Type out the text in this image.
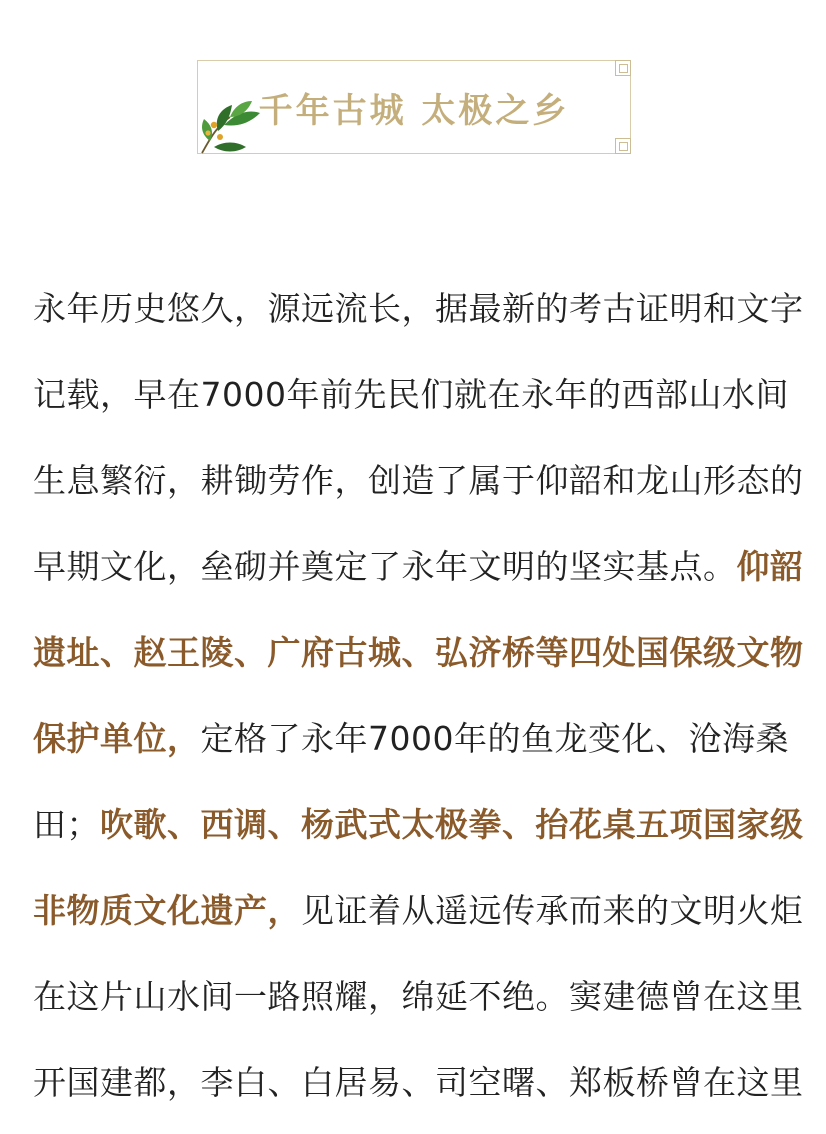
千年古城 太极之乡
永年历史悠久，源远流长，据最新的考古证明和文字
记载，早在7000年前先民们就在永年的西部山水间
生息繁衍，耕锄劳作，创造了属于仰韶和龙山形态的
早期文化，垒砌并奠定了永年文明的坚实基点。仰韶
遗址、赵王陵、广府古城、弘济桥等四处国保级文物
保护单位，定格了永年7000年的鱼龙变化、沧海桑
田；吹歌、西调、杨武式太极拳、抬花桌五项国家级
非物质文化遗产，见证着从遥远传承而来的文明火炬
在这片山水间一路照耀，绵延不绝。窦建德曾在这里
开国建都，李白、白居易、司空曙、郑板桥曾在这里
